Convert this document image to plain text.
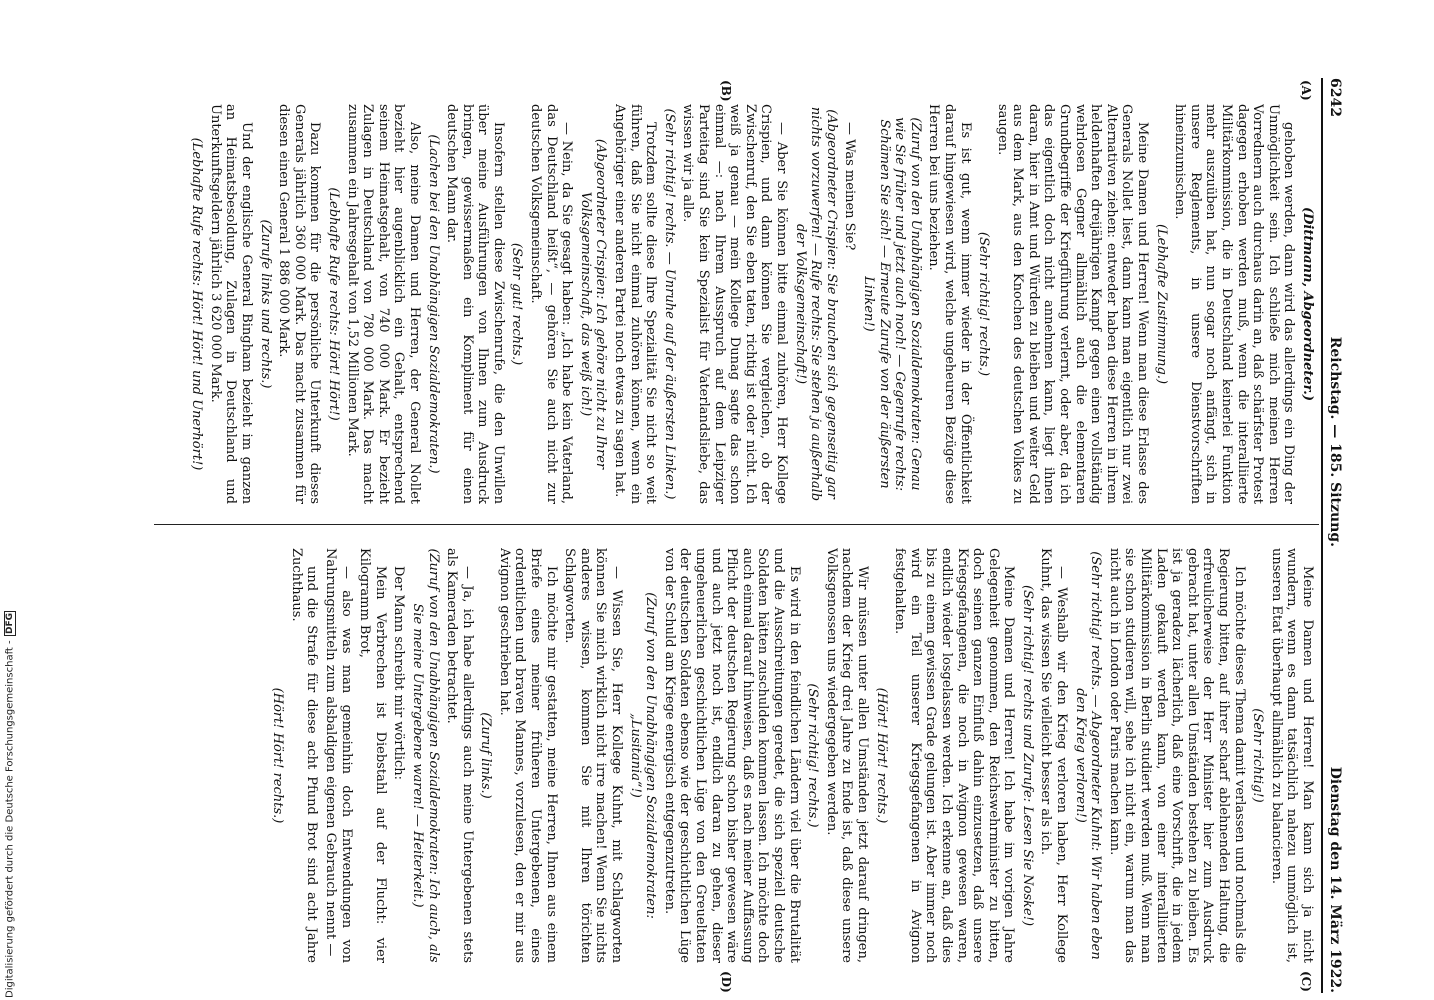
6242
Reichstag. — 185. Sitzung.
Dienstag den 14. März 1922.
(A)
(B)
(C)
(D)

(Dittmann, Abgeordneter.)

gehoben werden, dann wird das allerdings ein Ding der Unmöglichkeit sein. Ich schließe mich meinen Herren Vorrednern auch durchaus darin an, daß schärfster Protest dagegen erhoben werden muß, wenn die interalliierte Militärkommission, die in Deutschland keinerlei Funktion mehr auszuüben hat, nun sogar noch anfängt, sich in unsere Reglements, in unsere Dienstvorschriften hineinzumischen.

(Lebhafte Zustimmung.)

Meine Damen und Herren! Wenn man diese Erlasse des Generals Nollet liest, dann kann man eigentlich nur zwei Alternativen ziehen: entweder haben diese Herren in ihrem heldenhaften dreijährigen Kampf gegen einen vollständig wehrlosen Gegner allmählich auch die elementaren Grundbegriffe der Kriegführung verlernt, oder aber, da ich das eigentlich doch nicht annehmen kann, liegt ihnen daran, hier in Amt und Würden zu bleiben und weiter Geld aus dem Mark, aus den Knochen des deutschen Volkes zu saugen.

(Sehr richtig! rechts.)

Es ist gut, wenn immer wieder in der Öffentlichkeit darauf hingewiesen wird, welche ungeheuren Bezüge diese Herren bei uns beziehen.

(Zuruf von den Unabhängigen Sozialdemokraten: Genau wie Sie früher und jetzt auch noch! — Gegenrufe rechts: Schämen Sie sich! — Erneute Zurufe von der äußersten Linken!)

— Was meinen Sie?

(Abgeordneter Crispien: Sie brauchen sich gegenseitig gar nichts vorzuwerfen! — Rufe rechts: Sie stehen ja außerhalb der Volksgemeinschaft!)

— Aber Sie können bitte einmal zuhören, Herr Kollege Crispien, und dann können Sie vergleichen, ob der Zwischenruf, den Sie eben taten, richtig ist oder nicht. Ich weiß ja genau — mein Kollege Dunag sagte das schon einmal —: nach Ihrem Ausspruch auf dem Leipziger Parteitag sind Sie kein Spezialist für Vaterlandsliebe, das wissen wir ja alle.

(Sehr richtig! rechts. — Unruhe auf der äußersten Linken.)

Trotzdem sollte diese Ihre Spezialität Sie nicht so weit führen, daß Sie nicht einmal zuhören können, wenn ein Angehöriger einer anderen Partei noch etwas zu sagen hat.

(Abgeordneter Crispien: Ich gehöre nicht zu Ihrer Volksgemeinschaft, das weiß ich!)

— Nein, da Sie gesagt haben: „Ich habe kein Vaterland, das Deutschland heißt“, — gehören Sie auch nicht zur deutschen Volksgemeinschaft.

(Sehr gut! rechts.)

Insofern stellen diese Zwischenrufe, die den Unwillen über meine Ausführungen von Ihnen zum Ausdruck bringen, gewissermaßen ein Kompliment für einen deutschen Mann dar.

(Lachen bei den Unabhängigen Sozialdemokraten.)

Also, meine Damen und Herren, der General Nollet bezieht hier augenblicklich ein Gehalt, entsprechend seinem Heimatsgehalt, von 740 000 Mark. Er bezieht Zulagen in Deutschland von 780 000 Mark. Das macht zusammen ein Jahresgehalt von 1,52 Millionen Mark.

(Lebhafte Rufe rechts: Hört! Hört!)

Dazu kommen für die persönliche Unterkunft dieses Generals jährlich 360 000 Mark. Das macht zusammen für diesen einen General 1 886 000 Mark.

(Zurufe links und rechts.)

Und der englische General Bingham bezieht im ganzen an Heimatsbesoldung, Zulagen in Deutschland und Unterkunftsgeldern jährlich 3 620 000 Mark.

(Lebhafte Rufe rechts: Hört! Hört! und Unerhört!)

Meine Damen und Herren! Man kann sich ja nicht wundern, wenn es dann tatsächlich nahezu unmöglich ist, unseren Etat überhaupt allmählich zu balancieren.

(Sehr richtig!)

Ich möchte dieses Thema damit verlassen und nochmals die Regierung bitten, auf ihrer scharf ablehnenden Haltung, die erfreulicherweise der Herr Minister hier zum Ausdruck gebracht hat, unter allen Umständen bestehen zu bleiben. Es ist ja geradezu lächerlich, daß eine Vorschrift, die in jedem Laden gekauft werden kann, von einer interalliierten Militärkommission in Berlin studiert werden muß. Wenn man sie schon studieren will, sehe ich nicht ein, warum man das nicht auch in London oder Paris machen kann.

(Sehr richtig! rechts. — Abgeordneter Kuhnt: Wir haben eben den Krieg verloren!)

— Weshalb wir den Krieg verloren haben, Herr Kollege Kuhnt, das wissen Sie vielleicht besser als ich.

(Sehr richtig! rechts und Zurufe: Lesen Sie Noske!)

Meine Damen und Herren! Ich habe im vorigen Jahre Gelegenheit genommen, den Reichswehrminister zu bitten, doch seinen ganzen Einfluß dahin einzusetzen, daß unsere Kriegsgefangenen, die noch in Avignon gewesen waren, endlich wieder losgelassen werden. Ich erkenne an, daß dies bis zu einem gewissen Grade gelungen ist. Aber immer noch wird ein Teil unserer Kriegsgefangenen in Avignon festgehalten.

(Hört! Hört! rechts.)

Wir müssen unter allen Umständen jetzt darauf dringen, nachdem der Krieg drei Jahre zu Ende ist, daß diese unsere Volksgenossen uns wiedergegeben werden.

(Sehr richtig! rechts.)

Es wird in den feindlichen Ländern viel über die Brutalität und die Ausschreitungen geredet, die sich speziell deutsche Soldaten hätten zuschulden kommen lassen. Ich möchte doch auch einmal darauf hinweisen, daß es nach meiner Auffassung Pflicht der deutschen Regierung schon bisher gewesen wäre und auch jetzt noch ist, endlich daran zu gehen, dieser ungeheuerlichen geschichtlichen Lüge von den Greueltaten der deutschen Soldaten ebenso wie der geschichtlichen Lüge von der Schuld am Kriege energisch entgegenzutreten.

(Zuruf von den Unabhängigen Sozialdemokraten: „Lusitania“!)

— Wissen Sie, Herr Kollege Kuhnt, mit Schlagworten können Sie mich wirklich nicht irre machen! Wenn Sie nichts anderes wissen, kommen Sie mit Ihren törichten Schlagworten.

Ich möchte mir gestatten, meine Herren, Ihnen aus einem Briefe eines meiner früheren Untergebenen, eines ordentlichen und braven Mannes, vorzulesen, den er mir aus Avignon geschrieben hat.

(Zuruf links.)

— Ja, ich habe allerdings auch meine Untergebenen stets als Kameraden betrachtet.

(Zuruf von den Unabhängigen Sozialdemokraten: Ich auch, als Sie meine Untergebene waren! — Heiterkeit.)

Der Mann schreibt mir wörtlich:

Mein Verbrechen ist Diebstahl auf der Flucht: vier Kilogramm Brot,

— also was man gemeinhin doch Entwendungen von Nahrungsmitteln zum alsbaldigen eigenen Gebrauch nennt —

und die Strafe für diese acht Pfund Brot sind acht Jahre Zuchthaus.

(Hört! Hört! rechts.)

Digitalisierung gefördert durch die Deutsche Forschungsgemeinschaft -
DFG
